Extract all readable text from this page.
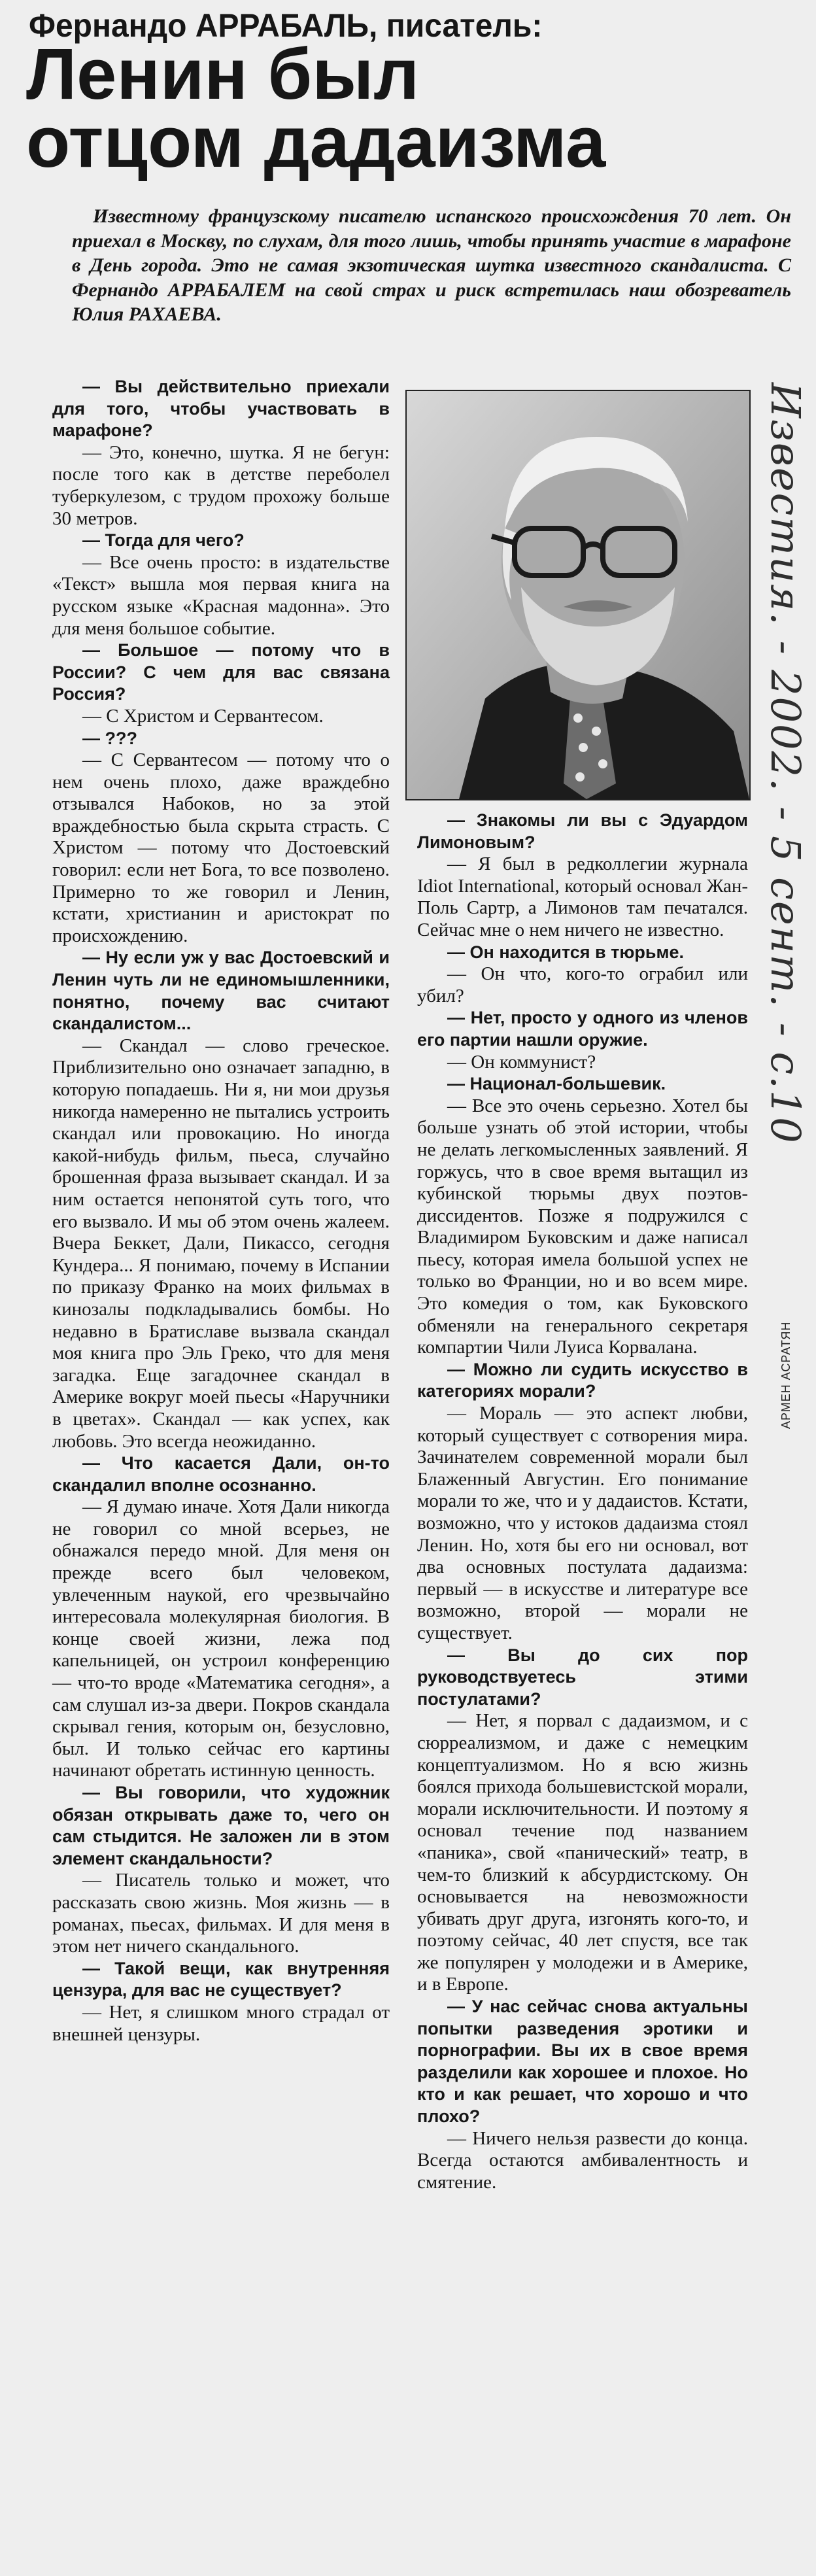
Фернандо АРРАБАЛЬ, писатель:
Ленин был
отцом дадаизма
Известному французскому писателю испанского происхождения 70 лет. Он приехал в Москву, по слухам, для того лишь, чтобы принять участие в марафоне в День города. Это не самая экзотическая шутка известного скандалиста. С Фернандо АРРАБАЛЕМ на свой страх и риск встретилась наш обозреватель Юлия РАХАЕВА.
АРМЕН АСРАТЯН
Известия. - 2002. - 5 сент. - с.10

— Вы действительно приехали для того, чтобы участвовать в марафоне?

— Это, конечно, шутка. Я не бегун: после того как в детстве переболел туберкулезом, с трудом прохожу больше 30 метров.

— Тогда для чего?

— Все очень просто: в издательстве «Текст» вышла моя первая книга на русском языке «Красная мадонна». Это для меня большое событие.

— Большое — потому что в России? С чем для вас связана Россия?

— С Христом и Сервантесом.

— ???

— С Сервантесом — потому что о нем очень плохо, даже враждебно отзывался Набоков, но за этой враждебностью была скрыта страсть. С Христом — потому что Достоевский говорил: если нет Бога, то все позволено. Примерно то же говорил и Ленин, кстати, христианин и аристократ по происхождению.

— Ну если уж у вас Достоевский и Ленин чуть ли не единомышленники, понятно, почему вас считают скандалистом...

— Скандал — слово греческое. Приблизительно оно означает западню, в которую попадаешь. Ни я, ни мои друзья никогда намеренно не пытались устроить скандал или провокацию. Но иногда какой-нибудь фильм, пьеса, случайно брошенная фраза вызывает скандал. И за ним остается непонятой суть того, что его вызвало. И мы об этом очень жалеем. Вчера Беккет, Дали, Пикассо, сегодня Кундера... Я понимаю, почему в Испании по приказу Франко на моих фильмах в кинозалы подкладывались бомбы. Но недавно в Братиславе вызвала скандал моя книга про Эль Греко, что для меня загадка. Еще загадочнее скандал в Америке вокруг моей пьесы «Наручники в цветах». Скандал — как успех, как любовь. Это всегда неожиданно.

— Что касается Дали, он-то скандалил вполне осознанно.

— Я думаю иначе. Хотя Дали никогда не говорил со мной всерьез, не обнажался передо мной. Для меня он прежде всего был человеком, увлеченным наукой, его чрезвычайно интересовала молекулярная биология. В конце своей жизни, лежа под капельницей, он устроил конференцию — что-то вроде «Математика сегодня», а сам слушал из-за двери. Покров скандала скрывал гения, которым он, безусловно, был. И только сейчас его картины начинают обретать истинную ценность.

— Вы говорили, что художник обязан открывать даже то, чего он сам стыдится. Не заложен ли в этом элемент скандальности?

— Писатель только и может, что рассказать свою жизнь. Моя жизнь — в романах, пьесах, фильмах. И для меня в этом нет ничего скандального.

— Такой вещи, как внутренняя цензура, для вас не существует?

— Нет, я слишком много страдал от внешней цензуры.

— Знакомы ли вы с Эдуардом Лимоновым?

— Я был в редколлегии журнала Idiot International, который основал Жан-Поль Сартр, а Лимонов там печатался. Сейчас мне о нем ничего не известно.

— Он находится в тюрьме.

— Он что, кого-то ограбил или убил?

— Нет, просто у одного из членов его партии нашли оружие.

— Он коммунист?

— Национал-большевик.

— Все это очень серьезно. Хотел бы больше узнать об этой истории, чтобы не делать легкомысленных заявлений. Я горжусь, что в свое время вытащил из кубинской тюрьмы двух поэтов-диссидентов. Позже я подружился с Владимиром Буковским и даже написал пьесу, которая имела большой успех не только во Франции, но и во всем мире. Это комедия о том, как Буковского обменяли на генерального секретаря компартии Чили Луиса Корвалана.

— Можно ли судить искусство в категориях морали?

— Мораль — это аспект любви, который существует с сотворения мира. Зачинателем современной морали был Блаженный Августин. Его понимание морали то же, что и у дадаистов. Кстати, возможно, что у истоков дадаизма стоял Ленин. Но, хотя бы его ни основал, вот два основных постулата дадаизма: первый — в искусстве и литературе все возможно, второй — морали не существует.

— Вы до сих пор руководствуетесь этими постулатами?

— Нет, я порвал с дадаизмом, и с сюрреализмом, и даже с немецким концептуализмом. Но я всю жизнь боялся прихода большевистской морали, морали исключительности. И поэтому я основал течение под названием «паника», свой «панический» театр, в чем-то близкий к абсурдистскому. Он основывается на невозможности убивать друг друга, изгонять кого-то, и поэтому сейчас, 40 лет спустя, все так же популярен у молодежи и в Америке, и в Европе.

— У нас сейчас снова актуальны попытки разведения эротики и порнографии. Вы их в свое время разделили как хорошее и плохое. Но кто и как решает, что хорошо и что плохо?

— Ничего нельзя развести до конца. Всегда остаются амбивалентность и смятение.
